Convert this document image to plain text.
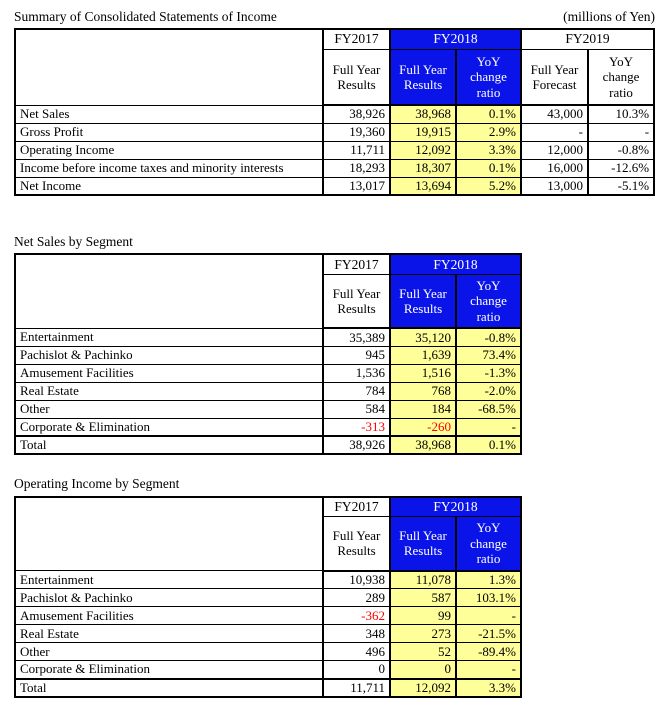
Summary of Consolidated Statements of Income	(millions of Yen)
	FY2017	FY2018		FY2019	
	Full Year Results	Full Year Results	YoY change ratio	Full Year Forecast	YoY change ratio
Net Sales	38,926	38,968	0.1%	43,000	10.3%
Gross Profit	19,360	19,915	2.9%	-	-
Operating Income	11,711	12,092	3.3%	12,000	-0.8%
Income before income taxes and minority interests	18,293	18,307	0.1%	16,000	-12.6%
Net Income	13,017	13,694	5.2%	13,000	-5.1%
Net Sales by Segment
	FY2017	FY2018	
	Full Year Results	Full Year Results	YoY change ratio
Entertainment	35,389	35,120	-0.8%
Pachislot & Pachinko	945	1,639	73.4%
Amusement Facilities	1,536	1,516	-1.3%
Real Estate	784	768	-2.0%
Other	584	184	-68.5%
Corporate & Elimination	-313	-260	-
Total	38,926	38,968	0.1%
Operating Income by Segment
	FY2017	FY2018	
	Full Year Results	Full Year Results	YoY change ratio
Entertainment	10,938	11,078	1.3%
Pachislot & Pachinko	289	587	103.1%
Amusement Facilities	-362	99	-
Real Estate	348	273	-21.5%
Other	496	52	-89.4%
Corporate & Elimination	0	0	-
Total	11,711	12,092	3.3%
